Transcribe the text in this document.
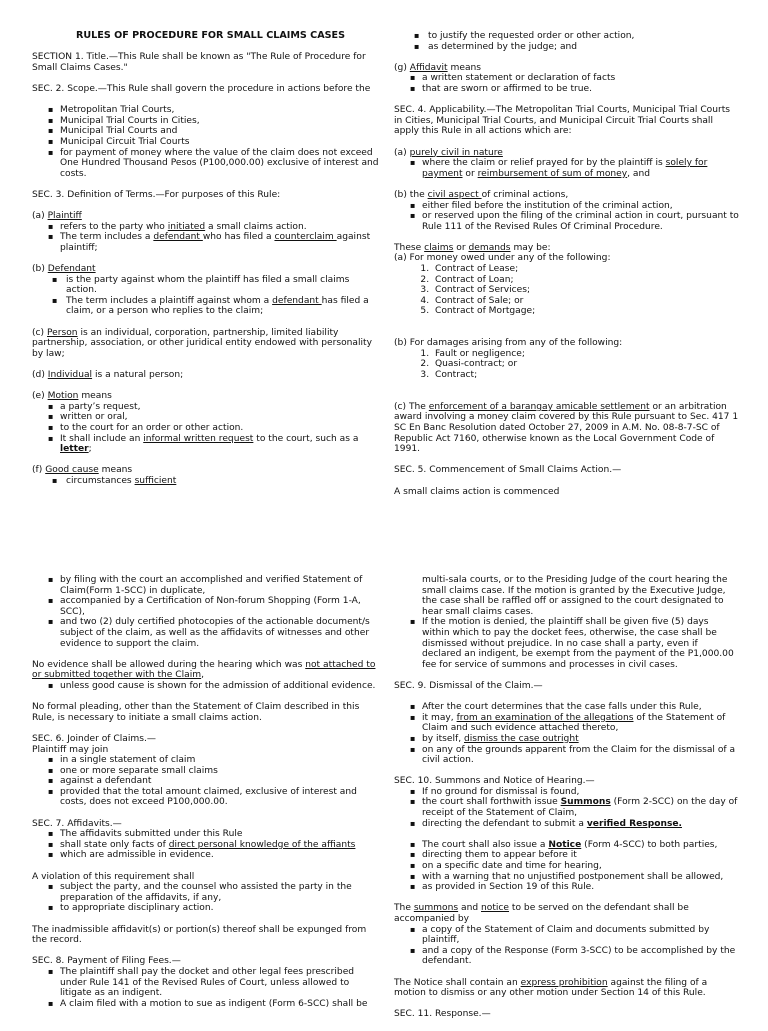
RULES OF PROCEDURE FOR SMALL CLAIMS CASES

SECTION 1. Title.—This Rule shall be known as "The Rule of Procedure for Small Claims Cases."

SEC. 2. Scope.—This Rule shall govern the procedure in actions before the

▪ Metropolitan Trial Courts,
▪ Municipal Trial Courts in Cities,
▪ Municipal Trial Courts and
▪ Municipal Circuit Trial Courts
▪ for payment of money where the value of the claim does not exceed One Hundred Thousand Pesos (P100,000.00) exclusive of interest and costs.

SEC. 3. Definition of Terms.—For purposes of this Rule:

(a) Plaintiff

▪ refers to the party who initiated a small claims action.
▪ The term includes a defendant who has filed a counterclaim against plaintiff;

(b) Defendant

▪ is the party against whom the plaintiff has filed a small claims action.
▪ The term includes a plaintiff against whom a defendant has filed a claim, or a person who replies to the claim;

(c) Person is an individual, corporation, partnership, limited liability partnership, association, or other juridical entity endowed with personality by law;

(d) Individual is a natural person;

(e) Motion means

▪ a party’s request,
▪ written or oral,
▪ to the court for an order or other action.
▪ It shall include an informal written request to the court, such as a letter;

(f) Good cause means

▪ circumstances sufficient
▪ to justify the requested order or other action,
▪ as determined by the judge; and

(g) Affidavit means

▪ a written statement or declaration of facts
▪ that are sworn or affirmed to be true.

SEC. 4. Applicability.—The Metropolitan Trial Courts, Municipal Trial Courts in Cities, Municipal Trial Courts, and Municipal Circuit Trial Courts shall apply this Rule in all actions which are:

(a) purely civil in nature

▪ where the claim or relief prayed for by the plaintiff is solely for payment or reimbursement of sum of money, and

(b) the civil aspect of criminal actions,

▪ either filed before the institution of the criminal action,
▪ or reserved upon the filing of the criminal action in court, pursuant to Rule 111 of the Revised Rules Of Criminal Procedure.

These claims or demands may be:

(a) For money owed under any of the following:

1. Contract of Lease;
2. Contract of Loan;
3. Contract of Services;
4. Contract of Sale; or
5. Contract of Mortgage;

(b) For damages arising from any of the following:

1. Fault or negligence;
2. Quasi-contract; or
3. Contract;

(c) The enforcement of a barangay amicable settlement or an arbitration award involving a money claim covered by this Rule pursuant to Sec. 417 1 SC En Banc Resolution dated October 27, 2009 in A.M. No. 08-8-7-SC of Republic Act 7160, otherwise known as the Local Government Code of 1991.

SEC. 5. Commencement of Small Claims Action.—

A small claims action is commenced

▪ by filing with the court an accomplished and verified Statement of Claim(Form 1-SCC) in duplicate,
▪ accompanied by a Certification of Non-forum Shopping (Form 1-A, SCC),
▪ and two (2) duly certified photocopies of the actionable document/s subject of the claim, as well as the affidavits of witnesses and other evidence to support the claim.

No evidence shall be allowed during the hearing which was not attached to or submitted together with the Claim,

▪ unless good cause is shown for the admission of additional evidence.

No formal pleading, other than the Statement of Claim described in this Rule, is necessary to initiate a small claims action.

SEC. 6. Joinder of Claims.—

Plaintiff may join

▪ in a single statement of claim
▪ one or more separate small claims
▪ against a defendant
▪ provided that the total amount claimed, exclusive of interest and costs, does not exceed P100,000.00.

SEC. 7. Affidavits.—

▪ The affidavits submitted under this Rule
▪ shall state only facts of direct personal knowledge of the affiants
▪ which are admissible in evidence.

A violation of this requirement shall

▪ subject the party, and the counsel who assisted the party in the preparation of the affidavits, if any,
▪ to appropriate disciplinary action.

The inadmissible affidavit(s) or portion(s) thereof shall be expunged from the record.

SEC. 8. Payment of Filing Fees.—

▪ The plaintiff shall pay the docket and other legal fees prescribed under Rule 141 of the Revised Rules of Court, unless allowed to litigate as an indigent.
▪ A claim filed with a motion to sue as indigent (Form 6-SCC) shall be
multi-sala courts, or to the Presiding Judge of the court hearing the small claims case. If the motion is granted by the Executive Judge, the case shall be raffled off or assigned to the court designated to hear small claims cases.
▪ If the motion is denied, the plaintiff shall be given five (5) days within which to pay the docket fees, otherwise, the case shall be dismissed without prejudice. In no case shall a party, even if declared an indigent, be exempt from the payment of the P1,000.00 fee for service of summons and processes in civil cases.

SEC. 9. Dismissal of the Claim.—

▪ After the court determines that the case falls under this Rule,
▪ it may, from an examination of the allegations of the Statement of Claim and such evidence attached thereto,
▪ by itself, dismiss the case outright
▪ on any of the grounds apparent from the Claim for the dismissal of a civil action.

SEC. 10. Summons and Notice of Hearing.—

▪ If no ground for dismissal is found,
▪ the court shall forthwith issue Summons (Form 2-SCC) on the day of receipt of the Statement of Claim,
▪ directing the defendant to submit a verified Response.
▪ The court shall also issue a Notice (Form 4-SCC) to both parties,
▪ directing them to appear before it
▪ on a specific date and time for hearing,
▪ with a warning that no unjustified postponement shall be allowed,
▪ as provided in Section 19 of this Rule.

The summons and notice to be served on the defendant shall be accompanied by

▪ a copy of the Statement of Claim and documents submitted by plaintiff,
▪ and a copy of the Response (Form 3-SCC) to be accomplished by the defendant.

The Notice shall contain an express prohibition against the filing of a motion to dismiss or any other motion under Section 14 of this Rule.

SEC. 11. Response.—
